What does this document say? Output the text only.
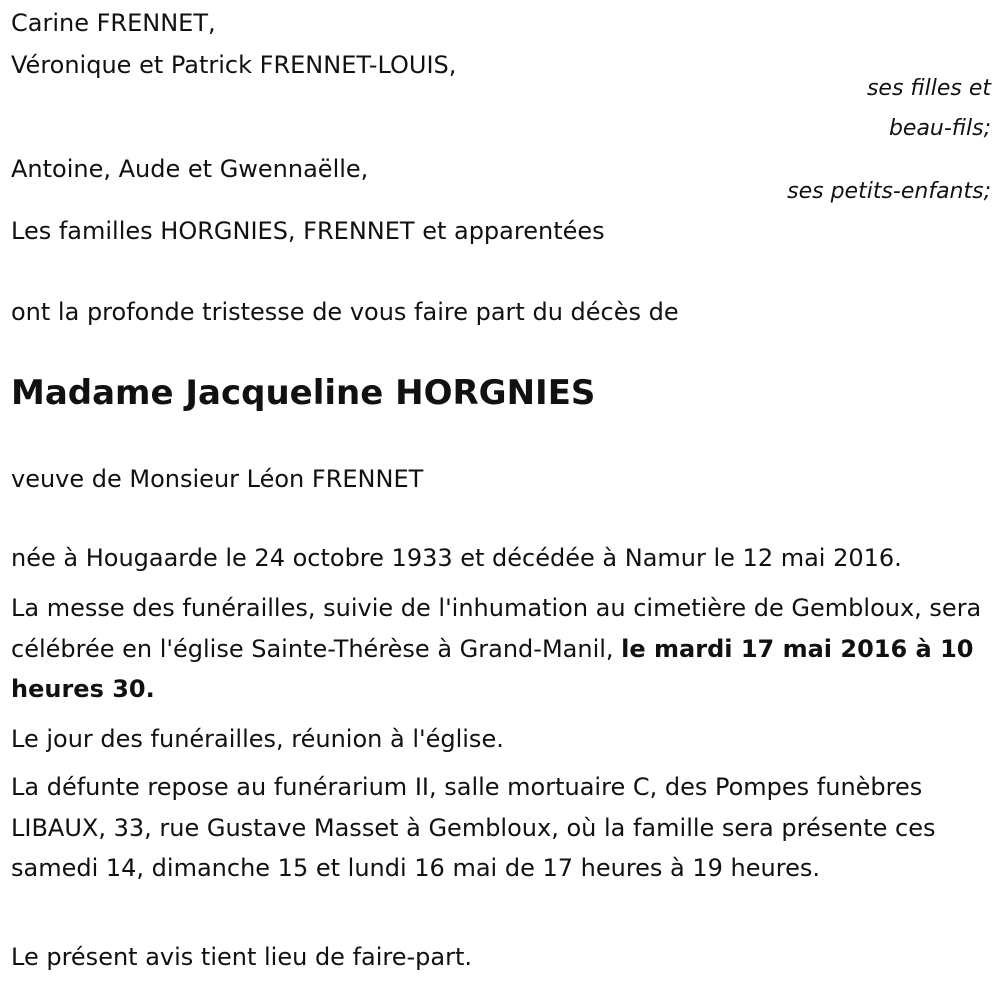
Carine FRENNET,
Véronique et Patrick FRENNET-LOUIS,
ses filles et
beau-fils;
Antoine, Aude et Gwennaëlle,
ses petits-enfants;
Les familles HORGNIES, FRENNET et apparentées
ont la profonde tristesse de vous faire part du décès de
Madame Jacqueline HORGNIES
veuve de Monsieur Léon FRENNET
née à Hougaarde le 24 octobre 1933 et décédée à Namur le 12 mai 2016.
La messe des funérailles, suivie de l'inhumation au cimetière de Gembloux, sera célébrée en l'église Sainte-Thérèse à Grand-Manil, le mardi 17 mai 2016 à 10 heures 30.
Le jour des funérailles, réunion à l'église.
La défunte repose au funérarium II, salle mortuaire C, des Pompes funèbres LIBAUX, 33, rue Gustave Masset à Gembloux, où la famille sera présente ces samedi 14, dimanche 15 et lundi 16 mai de 17 heures à 19 heures.
Le présent avis tient lieu de faire-part.
